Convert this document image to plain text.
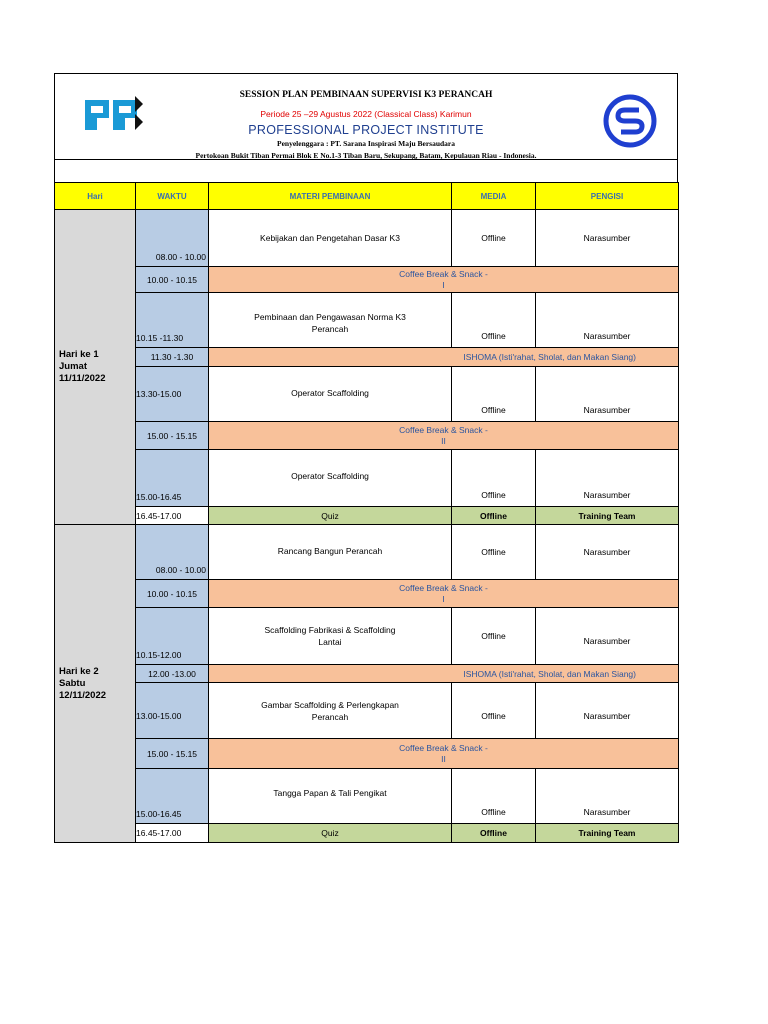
SESSION PLAN PEMBINAAN SUPERVISI K3 PERANCAH
Periode 25 –29 Agustus 2022 (Classical Class) Karimun
PROFESSIONAL PROJECT INSTITUTE
Penyelenggara : PT. Sarana Inspirasi Maju Bersaudara
Pertokoan Bukit Tiban Permai Blok E No.1-3 Tiban Baru, Sekupang, Batam, Kepulauan Riau - Indonesia.
Hari	WAKTU	MATERI PEMBINAAN	MEDIA	PENGISI

Hari ke 1
Jumat
11/11/2022	08.00 - 10.00	Kebijakan dan Pengetahan Dasar K3	Offline	Narasumber
	10.00 - 10.15	Coffee Break & Snack -
I		

	10.15 -11.30	Pembinaan dan Pengawasan Norma K3
Perancah	Offline	Narasumber
	11.30 -1.30	ISHOMA (Isti'rahat, Sholat, dan Makan Siang)		
	13.30-15.00	Operator Scaffolding	Offline	Narasumber
	15.00 - 15.15	Coffee Break & Snack -
II		

	15.00-16.45	Operator Scaffolding	Offline	Narasumber
	16.45-17.00	Quiz	Offline	Training Team

Hari ke 2
Sabtu
12/11/2022	08.00 - 10.00	Rancang Bangun Perancah	Offline	Narasumber
	10.00 - 10.15	Coffee Break & Snack -
I		

	10.15-12.00	Scaffolding Fabrikasi & Scaffolding
Lantai	Offline	Narasumber
	12.00 -13.00	ISHOMA (Isti'rahat, Sholat, dan Makan Siang)		
	13.00-15.00	Gambar Scaffolding & Perlengkapan
Perancah	Offline	Narasumber
	15.00 - 15.15	Coffee Break & Snack -
II		

	15.00-16.45	Tangga Papan & Tali Pengikat	Offline	Narasumber
	16.45-17.00	Quiz	Offline	Training Team
